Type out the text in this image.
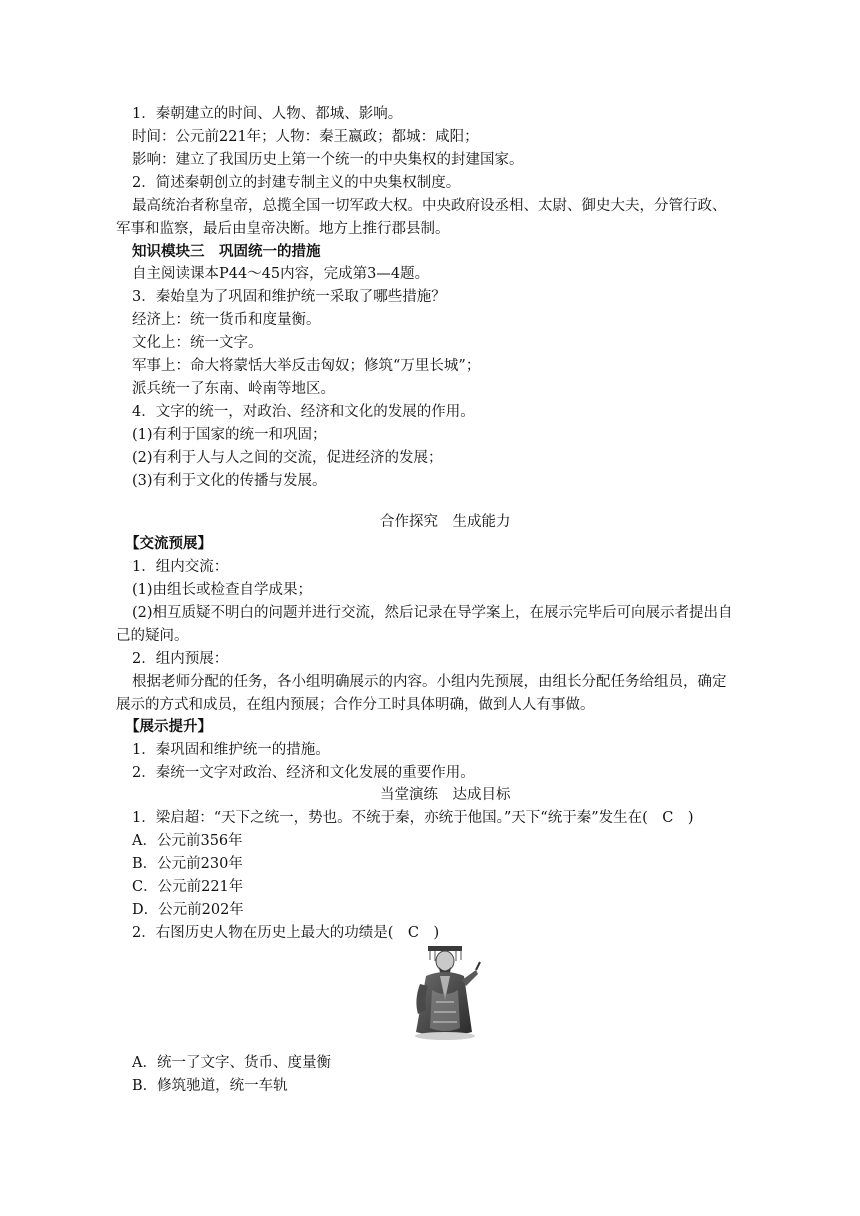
1．秦朝建立的时间、人物、都城、影响。
时间：公元前221年；人物：秦王嬴政；都城：咸阳；
影响：建立了我国历史上第一个统一的中央集权的封建国家。
2．简述秦朝创立的封建专制主义的中央集权制度。
最高统治者称皇帝，总揽全国一切军政大权。中央政府设丞相、太尉、御史大夫，分管行政、
军事和监察，最后由皇帝决断。地方上推行郡县制。
知识模块三　巩固统一的措施
自主阅读课本P44～45内容，完成第3—4题。
3．秦始皇为了巩固和维护统一采取了哪些措施？
经济上：统一货币和度量衡。
文化上：统一文字。
军事上：命大将蒙恬大举反击匈奴；修筑“万里长城”；
派兵统一了东南、岭南等地区。
4．文字的统一，对政治、经济和文化的发展的作用。
(1)有利于国家的统一和巩固；
(2)有利于人与人之间的交流，促进经济的发展；
(3)有利于文化的传播与发展。
合作探究　生成能力
【交流预展】
1．组内交流：
(1)由组长或检查自学成果；
(2)相互质疑不明白的问题并进行交流，然后记录在导学案上，在展示完毕后可向展示者提出自
己的疑问。
2．组内预展：
根据老师分配的任务，各小组明确展示的内容。小组内先预展，由组长分配任务给组员，确定
展示的方式和成员，在组内预展；合作分工时具体明确，做到人人有事做。
【展示提升】
1．秦巩固和维护统一的措施。
2．秦统一文字对政治、经济和文化发展的重要作用。
当堂演练　达成目标
1．梁启超：“天下之统一，势也。不统于秦，亦统于他国。”天下“统于秦”发生在(　C　)
A．公元前356年
B．公元前230年
C．公元前221年
D．公元前202年
2．右图历史人物在历史上最大的功绩是(　C　)
A．统一了文字、货币、度量衡
B．修筑驰道，统一车轨
